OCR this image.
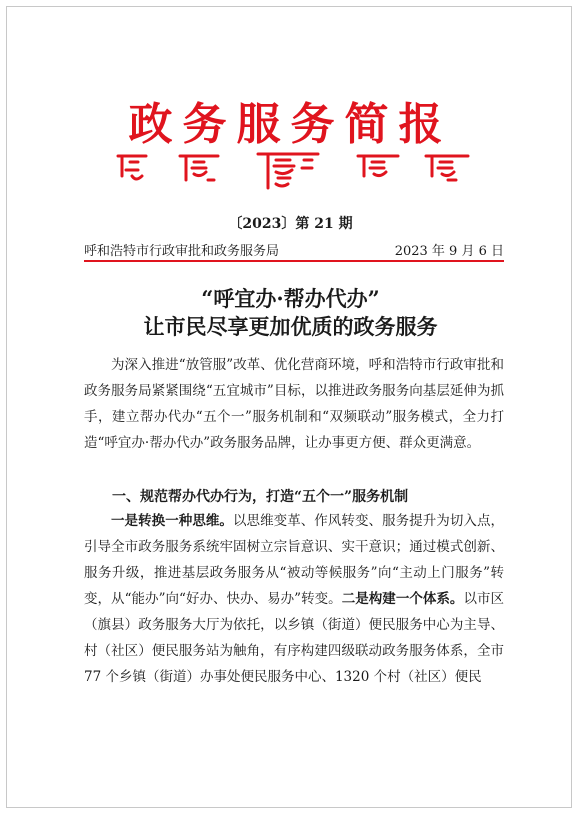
政务服务简报
〔2023〕第 21 期
呼和浩特市行政审批和政务服务局	2023 年 9 月 6 日
“呼宜办·帮办代办”
让市民尽享更加优质的政务服务
为深入推进“放管服”改革、优化营商环境，呼和浩特市行政审批和政务服务局紧紧围绕“五宜城市”目标，以推进政务服务向基层延伸为抓手，建立帮办代办“五个一”服务机制和“双频联动”服务模式，全力打造“呼宜办·帮办代办”政务服务品牌，让办事更方便、群众更满意。
一、规范帮办代办行为，打造“五个一”服务机制
一是转换一种思维。以思维变革、作风转变、服务提升为切入点，引导全市政务服务系统牢固树立宗旨意识、实干意识；通过模式创新、服务升级，推进基层政务服务从“被动等候服务”向“主动上门服务”转变，从“能办”向“好办、快办、易办”转变。二是构建一个体系。以市区（旗县）政务服务大厅为依托，以乡镇（街道）便民服务中心为主导、村（社区）便民服务站为触角，有序构建四级联动政务服务体系，全市 77 个乡镇（街道）办事处便民服务中心、1320 个村（社区）便民
